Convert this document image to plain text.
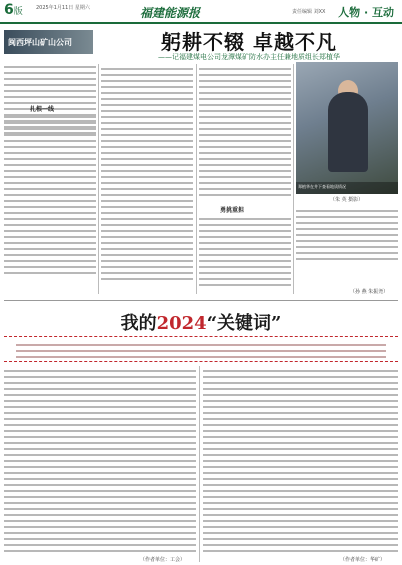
6版	2025年1月11日 星期六	福建能源报	责任编辑 刘XX 人物 · 互动
闽西坪山矿山公司	躬耕不辍 卓越不凡
——记福建煤电公司龙潭煤矿防水办主任兼地质组长郑植华
扎根一线
勇挑重担
郑植华在井下查看地质情况
（朱 英 摄影）
（孙 燕 朱振尧）
我的2024“关键词”
（作者单位：工会）	（作者单位：华矿）
